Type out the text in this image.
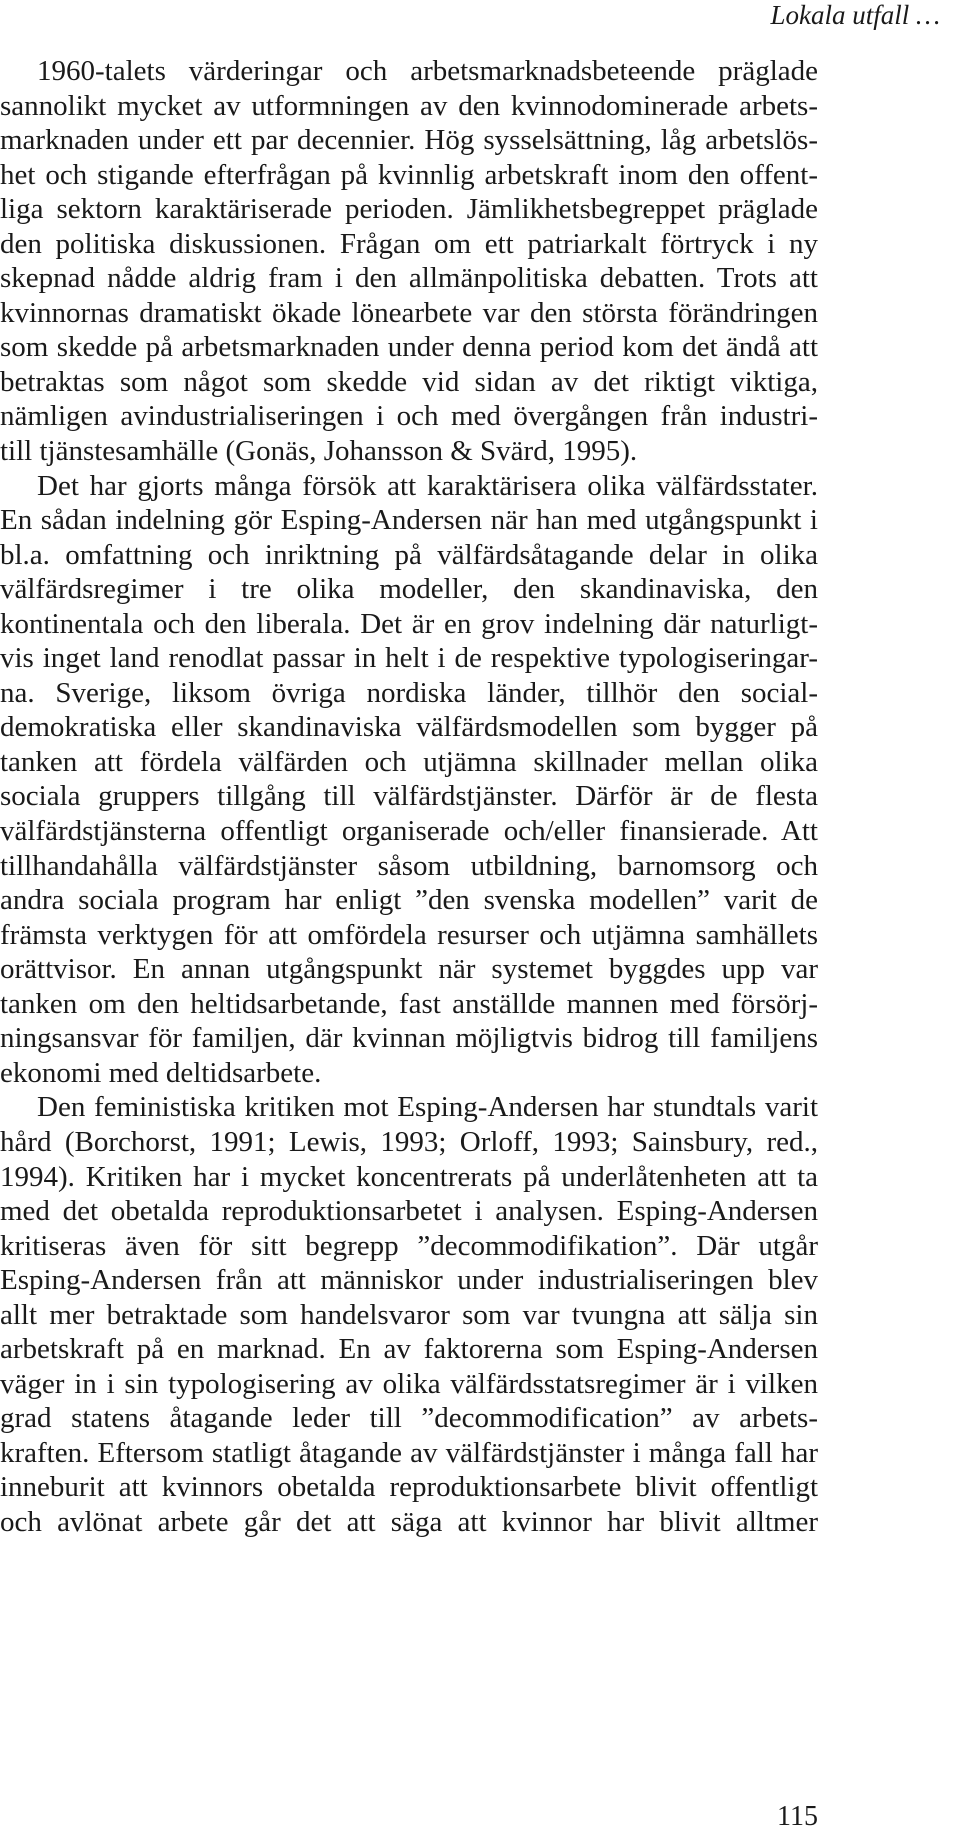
Lokala utfall …
1960-talets värderingar och arbetsmarknadsbeteende präglade
sannolikt mycket av utformningen av den kvinnodominerade arbets-
marknaden under ett par decennier. Hög sysselsättning, låg arbetslös-
het och stigande efterfrågan på kvinnlig arbetskraft inom den offent-
liga sektorn karaktäriserade perioden. Jämlikhetsbegreppet präglade
den politiska diskussionen. Frågan om ett patriarkalt förtryck i ny
skepnad nådde aldrig fram i den allmänpolitiska debatten. Trots att
kvinnornas dramatiskt ökade lönearbete var den största förändringen
som skedde på arbetsmarknaden under denna period kom det ändå att
betraktas som något som skedde vid sidan av det riktigt viktiga,
nämligen avindustrialiseringen i och med övergången från industri-
till tjänstesamhälle (Gonäs, Johansson & Svärd, 1995).
Det har gjorts många försök att karaktärisera olika välfärdsstater.
En sådan indelning gör Esping-Andersen när han med utgångspunkt i
bl.a. omfattning och inriktning på välfärdsåtagande delar in olika
välfärdsregimer i tre olika modeller, den skandinaviska, den
kontinentala och den liberala. Det är en grov indelning där naturligt-
vis inget land renodlat passar in helt i de respektive typologiseringar-
na. Sverige, liksom övriga nordiska länder, tillhör den social-
demokratiska eller skandinaviska välfärdsmodellen som bygger på
tanken att fördela välfärden och utjämna skillnader mellan olika
sociala gruppers tillgång till välfärdstjänster. Därför är de flesta
välfärdstjänsterna offentligt organiserade och/eller finansierade. Att
tillhandahålla välfärdstjänster såsom utbildning, barnomsorg och
andra sociala program har enligt ”den svenska modellen” varit de
främsta verktygen för att omfördela resurser och utjämna samhällets
orättvisor. En annan utgångspunkt när systemet byggdes upp var
tanken om den heltidsarbetande, fast anställde mannen med försörj-
ningsansvar för familjen, där kvinnan möjligtvis bidrog till familjens
ekonomi med deltidsarbete.
Den feministiska kritiken mot Esping-Andersen har stundtals varit
hård (Borchorst, 1991; Lewis, 1993; Orloff, 1993; Sainsbury, red.,
1994). Kritiken har i mycket koncentrerats på underlåtenheten att ta
med det obetalda reproduktionsarbetet i analysen. Esping-Andersen
kritiseras även för sitt begrepp ”decommodifikation”. Där utgår
Esping-Andersen från att människor under industrialiseringen blev
allt mer betraktade som handelsvaror som var tvungna att sälja sin
arbetskraft på en marknad. En av faktorerna som Esping-Andersen
väger in i sin typologisering av olika välfärdsstatsregimer är i vilken
grad statens åtagande leder till ”decommodification” av arbets-
kraften. Eftersom statligt åtagande av välfärdstjänster i många fall har
inneburit att kvinnors obetalda reproduktionsarbete blivit offentligt
och avlönat arbete går det att säga att kvinnor har blivit alltmer
115
